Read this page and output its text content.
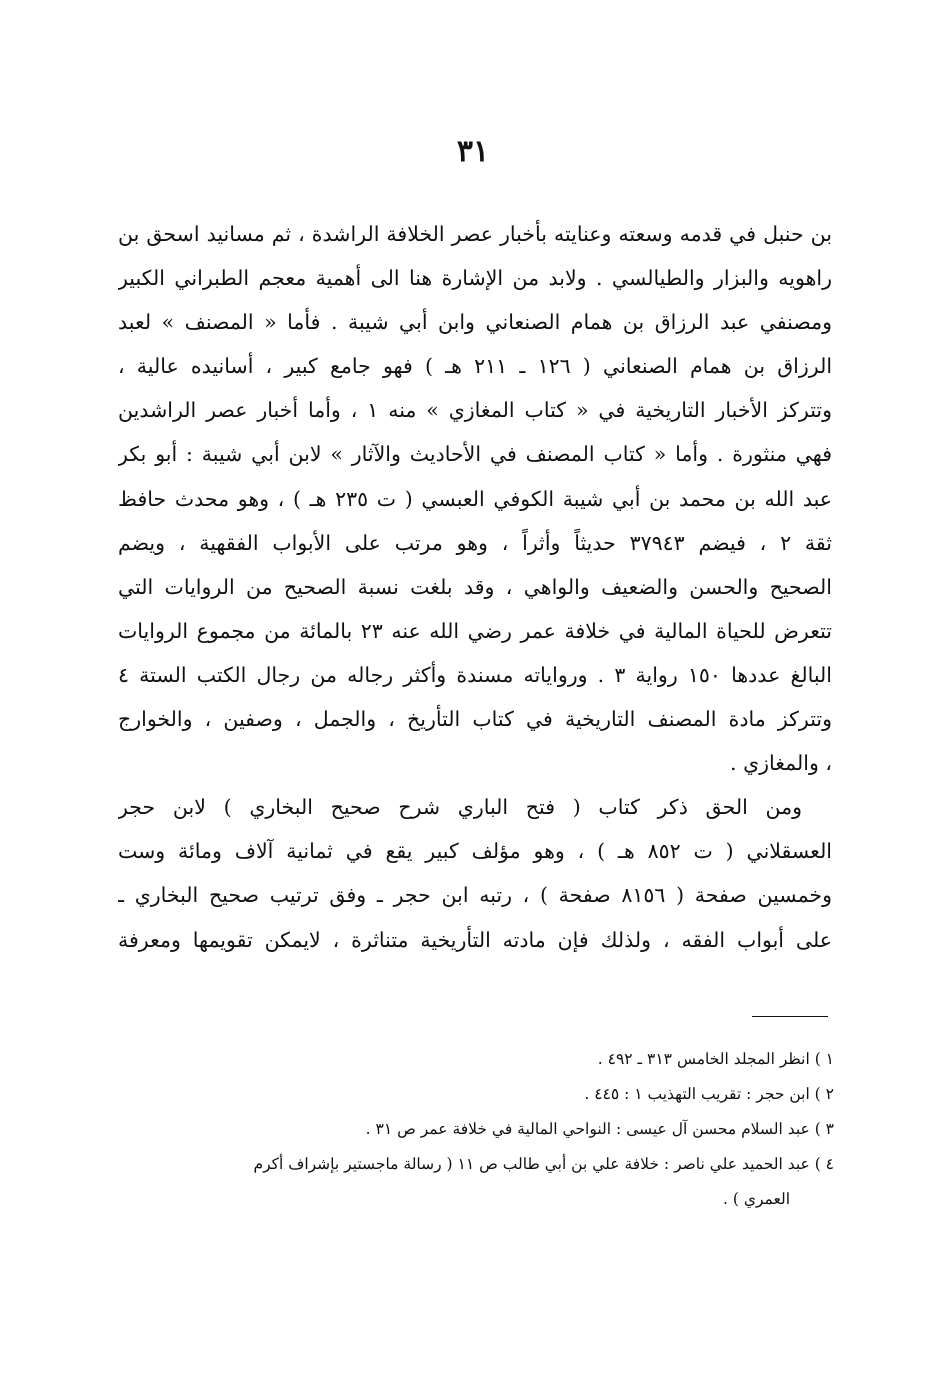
٣١
بن حنبل في قدمه وسعته وعنايته بأخبار عصر الخلافة الراشدة ، ثم مسانيد اسحق بن
راهويه والبزار والطيالسي . ولابد من الإشارة هنا الى أهمية معجم الطبراني الكبير
ومصنفي عبد الرزاق بن همام الصنعاني وابن أبي شيبة . فأما « المصنف » لعبد
الرزاق بن همام الصنعاني ( ١٢٦ ـ ٢١١ هـ ) فهو جامع كبير ، أسانيده عالية ،
وتتركز الأخبار التاريخية في « كتاب المغازي » منه ١ ، وأما أخبار عصر الراشدين
فهي منثورة . وأما « كتاب المصنف في الأحاديث والآثار » لابن أبي شيبة : أبو بكر
عبد الله بن محمد بن أبي شيبة الكوفي العبسي ( ت ٢٣٥ هـ ) ، وهو محدث حافظ
ثقة ٢ ، فيضم ٣٧٩٤٣ حديثاً وأثراً ، وهو مرتب على الأبواب الفقهية ، ويضم
الصحيح والحسن والضعيف والواهي ، وقد بلغت نسبة الصحيح من الروايات التي
تتعرض للحياة المالية في خلافة عمر رضي الله عنه ٢٣ بالمائة من مجموع الروايات
البالغ عددها ١٥٠ رواية ٣ . ورواياته مسندة وأكثر رجاله من رجال الكتب الستة ٤
وتتركز مادة المصنف التاريخية في كتاب التأريخ ، والجمل ، وصفين ، والخوارج
، والمغازي .
ومن الحق ذكر كتاب ( فتح الباري شرح صحيح البخاري ) لابن حجر
العسقلاني ( ت ٨٥٢ هـ ) ، وهو مؤلف كبير يقع في ثمانية آلاف ومائة وست
وخمسين صفحة ( ٨١٥٦ صفحة ) ، رتبه ابن حجر ـ وفق ترتيب صحيح البخاري ـ
على أبواب الفقه ، ولذلك فإن مادته التأريخية متناثرة ، لايمكن تقويمها ومعرفة
١ ) انظر المجلد الخامس ٣١٣ ـ ٤٩٢ .
٢ ) ابن حجر : تقريب التهذيب ١ : ٤٤٥ .
٣ ) عبد السلام محسن آل عيسى : النواحي المالية في خلافة عمر ص ٣١ .
٤ ) عبد الحميد علي ناصر : خلافة علي بن أبي طالب ص ١١ ( رسالة ماجستير بإشراف أكرم
العمري ) .
